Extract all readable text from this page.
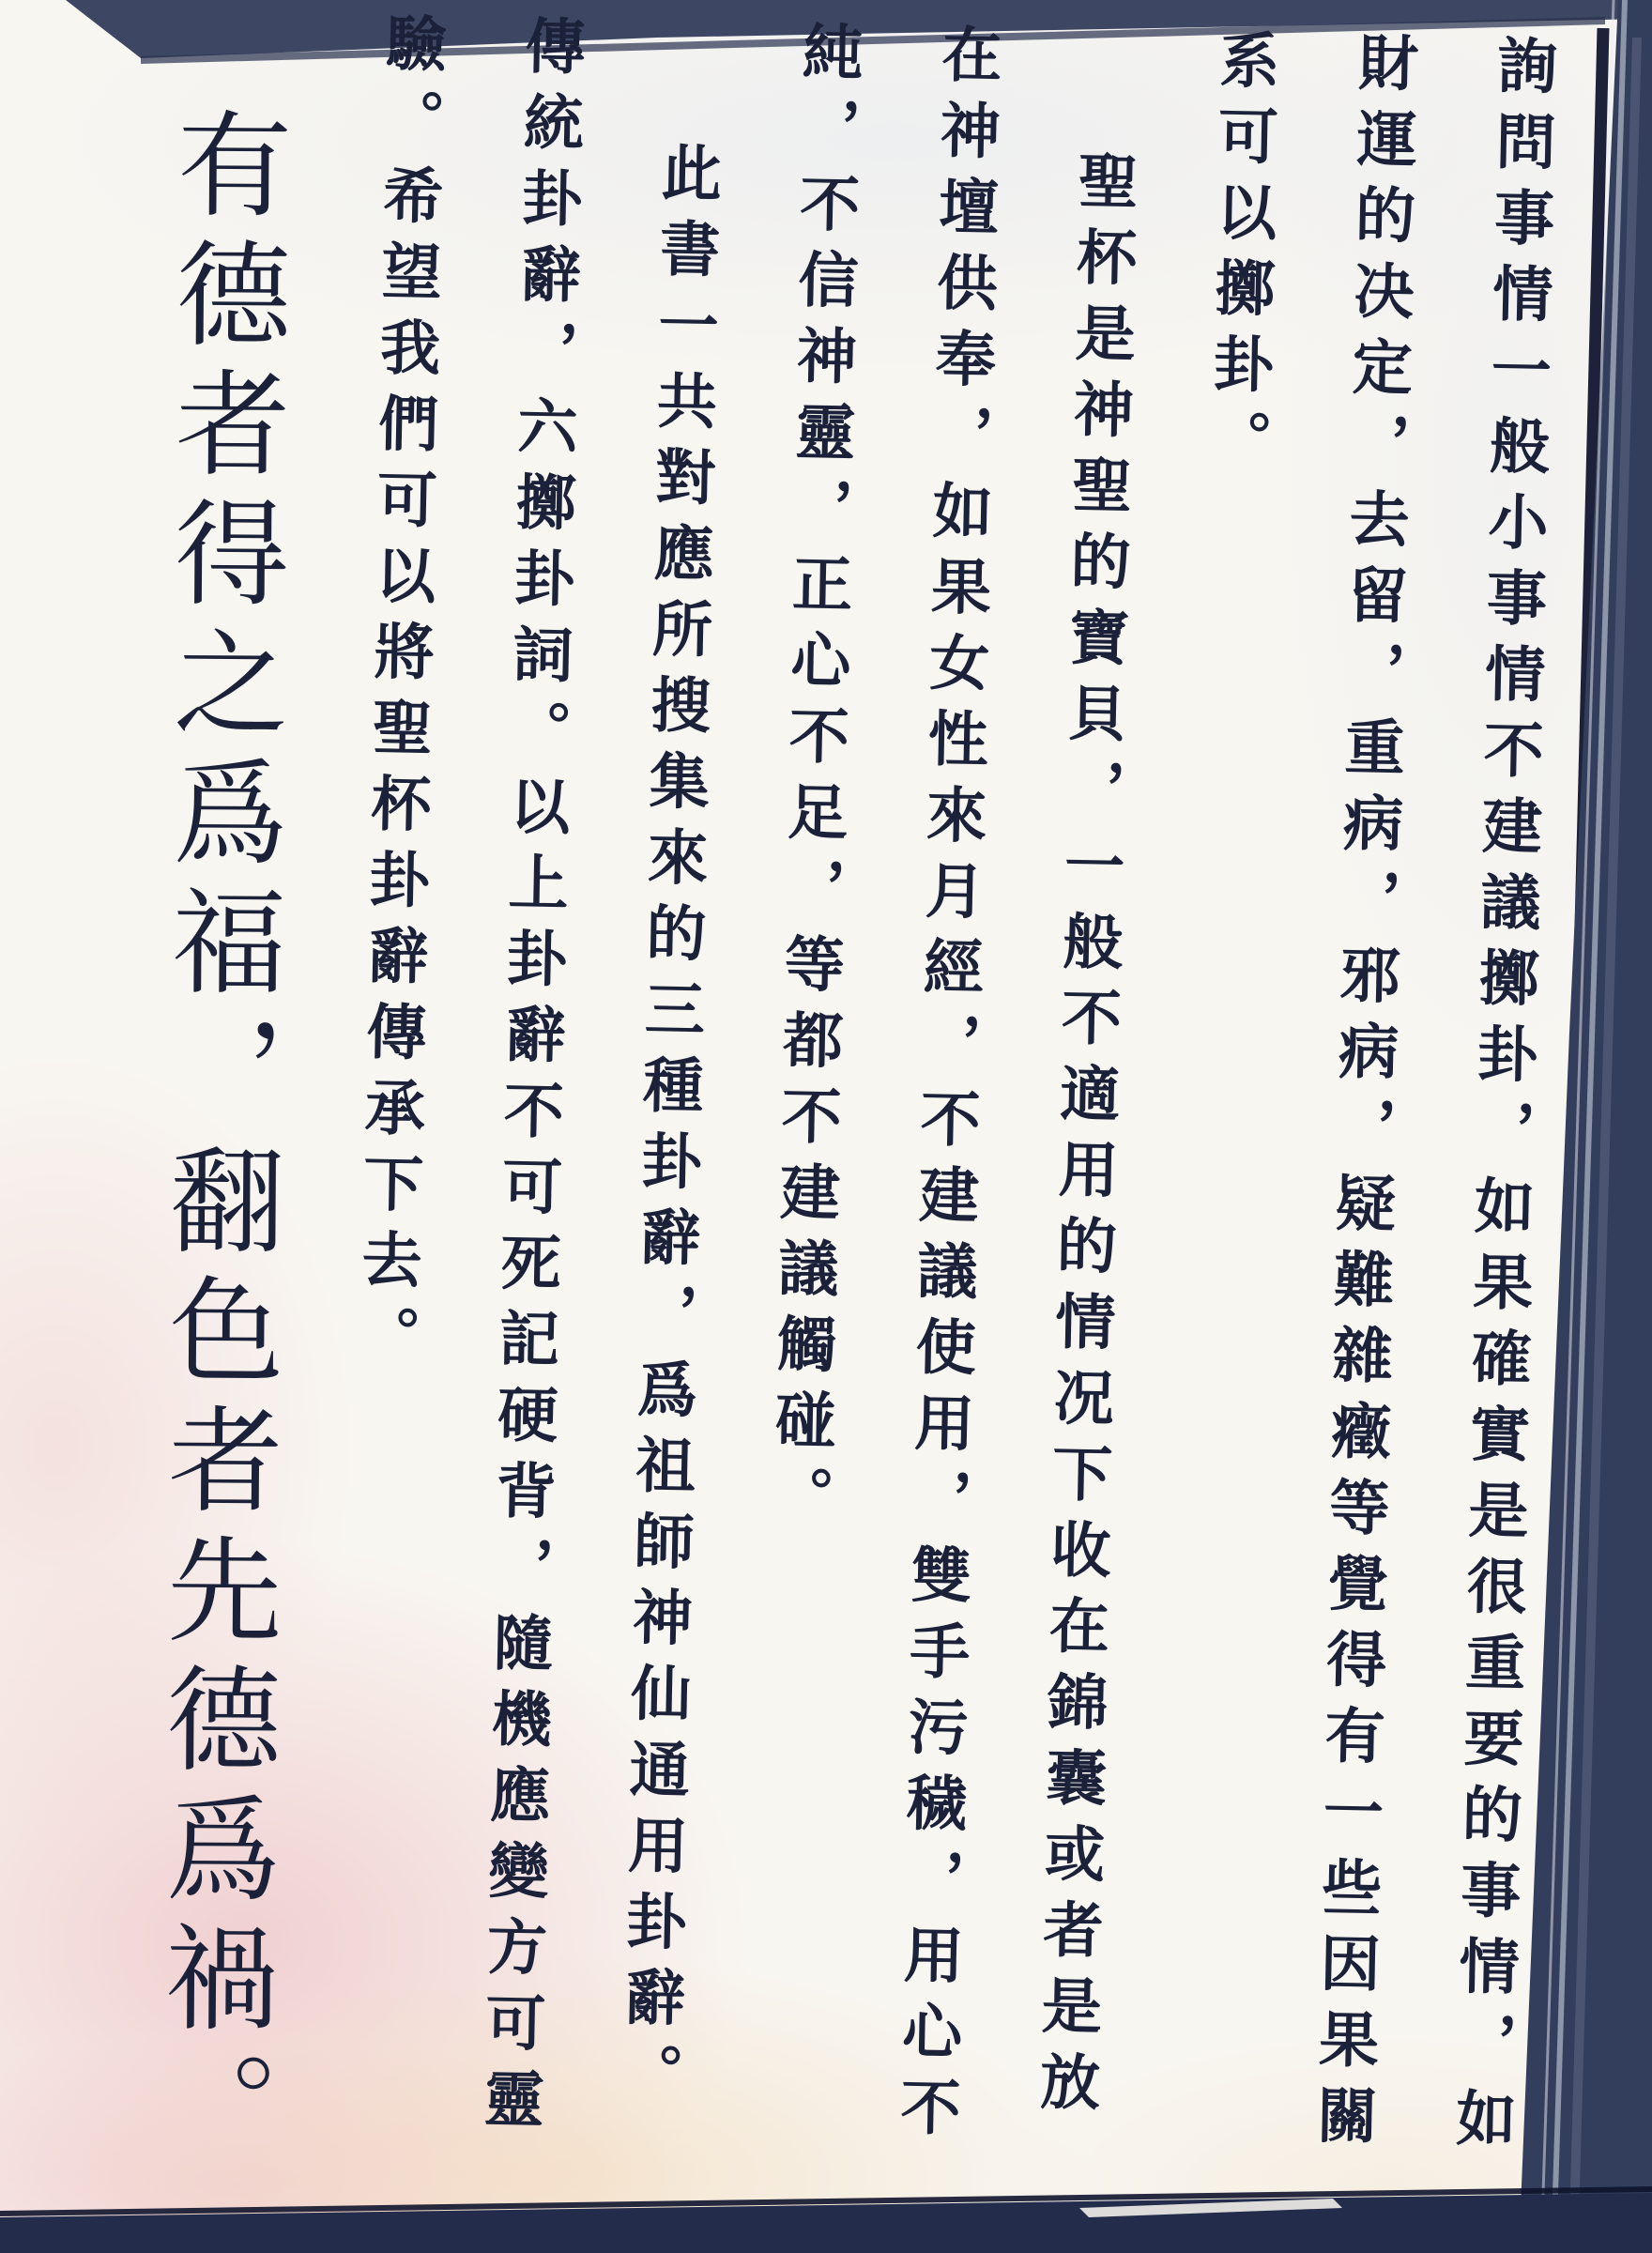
詢問事情一般小事情不建議擲卦，如果確實是很重要的事情，如
財運的决定，去留，重病，邪病，疑難雜癥等覺得有一些因果關
系可以擲卦。
聖杯是神聖的寶貝，一般不適用的情况下收在錦囊或者是放
在神壇供奉，如果女性來月經，不建議使用，雙手污穢，用心不
純，不信神靈，正心不足，等都不建議觸碰。
此書一共對應所搜集來的三種卦辭，爲祖師神仙通用卦辭。
傳統卦辭，六擲卦詞。以上卦辭不可死記硬背，隨機應變方可靈
驗。希望我們可以將聖杯卦辭傳承下去。
有德者得之爲福，翻色者先德爲禍。
